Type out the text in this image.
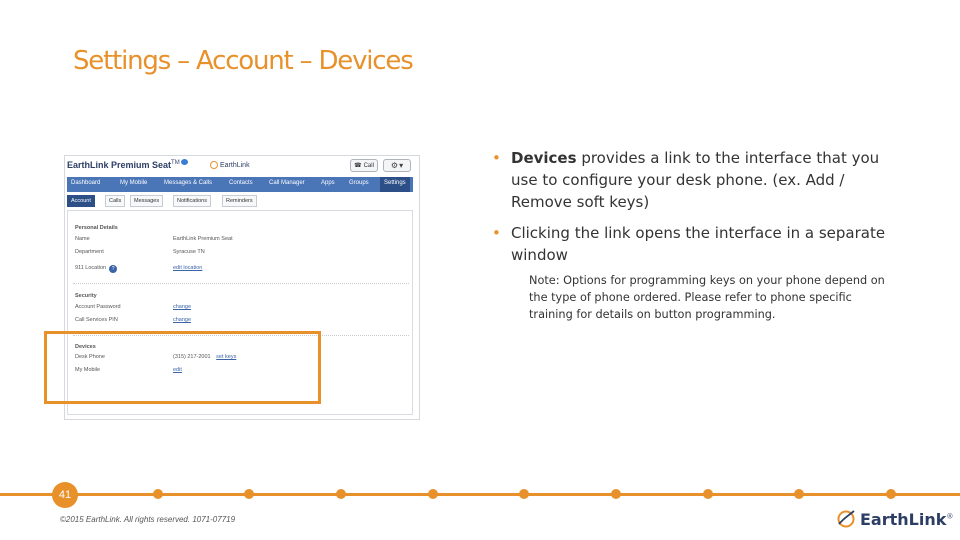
Settings – Account – Devices
EarthLink Premium Seat™	EarthLink	☎ Call ⚙ ▾
Dashboard	My Mobile	Messages & Calls	Contacts	Call Manager	Apps Groups	Settings
Account	Calls	Messages	Notifications	Reminders
Personal Details
Name	EarthLink Premium Seat
Department	Syracuse TN
911 Location ?	edit location
Security
Account Password	change
Call Services PIN	change
Devices
Desk Phone	(315) 217-2001 set keys
My Mobile	edit
• Devices provides a link to the interface that you use to configure your desk phone. (ex. Add / Remove soft keys)
• Clicking the link opens the interface in a separate window
Note: Options for programming keys on your phone depend on the type of phone ordered. Please refer to phone specific training for details on button programming.
41
©2015 EarthLink. All rights reserved. 1071-07719	EarthLink®
